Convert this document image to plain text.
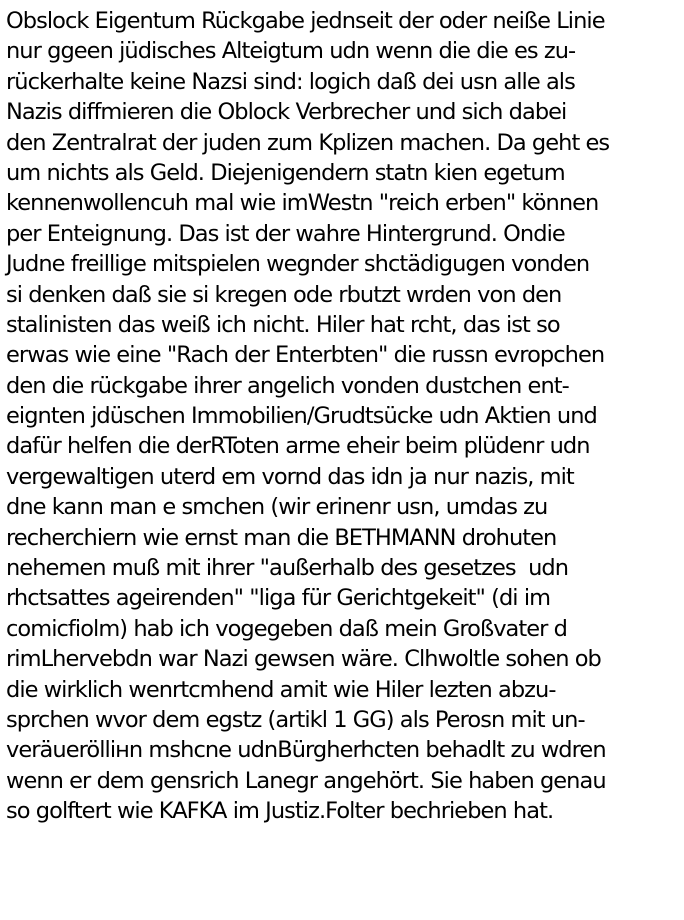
Obslock Eigentum Rückgabe jednseit der oder neiße Linie
nur ggeen jüdisches Alteigtum udn wenn die die es zu-
rückerhalte keine Nazsi sind: logich daß dei usn alle als
Nazis diffmieren die Oblock Verbrecher und sich dabei
den Zentralrat der juden zum Kplizen machen. Da geht es
um nichts als Geld. Diejenigendern statn kien egetum
kennenwollencuh mal wie imWestn "reich erben" können
per Enteignung. Das ist der wahre Hintergrund. Ondie
Judne freillige mitspielen wegnder shctädigugen vonden
si denken daß sie si kregen ode rbutzt wrden von den
stalinisten das weiß ich nicht. Hiler hat rcht, das ist so
erwas wie eine "Rach der Enterbten" die russn evropchen
den die rückgabe ihrer angelich vonden dustchen ent-
eignten jdüschen Immobilien/Grudtsücke udn Aktien und
dafür helfen die derRToten arme eheir beim plüdenr udn
vergewaltigen uterd em vornd das idn ja nur nazis, mit
dne kann man e smchen (wir erinenr usn, umdas zu
recherchiern wie ernst man die BETHMANN drohuten
nehemen muß mit ihrer "außerhalb des gesetzes  udn
rhctsattes ageirenden" "liga für Gerichtgekeit" (di im
comicfiolm) hab ich vogegeben daß mein Großvater d
rimLhervebdn war Nazi gewsen wäre. Clhwoltle sohen ob
die wirklich wenrtcmhend amit wie Hiler lezten abzu-
sprchen wvor dem egstz (artikl 1 GG) als Perosn mit un-
veräuerölliнn mshcne udnBürgherhcten behadlt zu wdren
wenn er dem gensrich Lanegr angehört. Sie haben genau
so golftert wie KAFKA im Justiz.Folter bechrieben hat.
